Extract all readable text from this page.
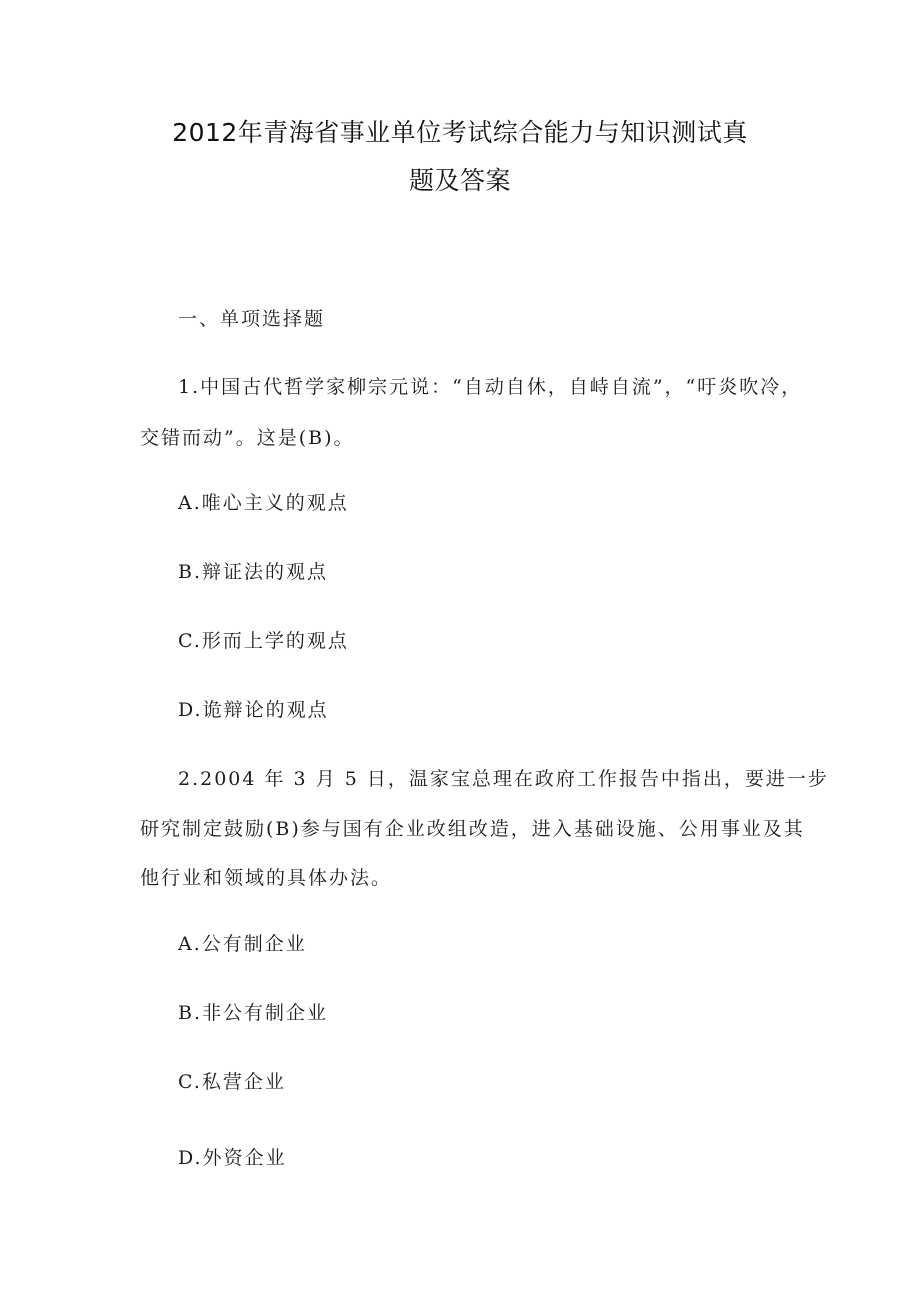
2012年青海省事业单位考试综合能力与知识测试真
题及答案
一、单项选择题
1.中国古代哲学家柳宗元说：“自动自休，自峙自流”，“吁炎吹冷，
交错而动”。这是(B)。
A.唯心主义的观点
B.辩证法的观点
C.形而上学的观点
D.诡辩论的观点
2.2004 年 3 月 5 日，温家宝总理在政府工作报告中指出，要进一步
研究制定鼓励(B)参与国有企业改组改造，进入基础设施、公用事业及其
他行业和领域的具体办法。
A.公有制企业
B.非公有制企业
C.私营企业
D.外资企业
